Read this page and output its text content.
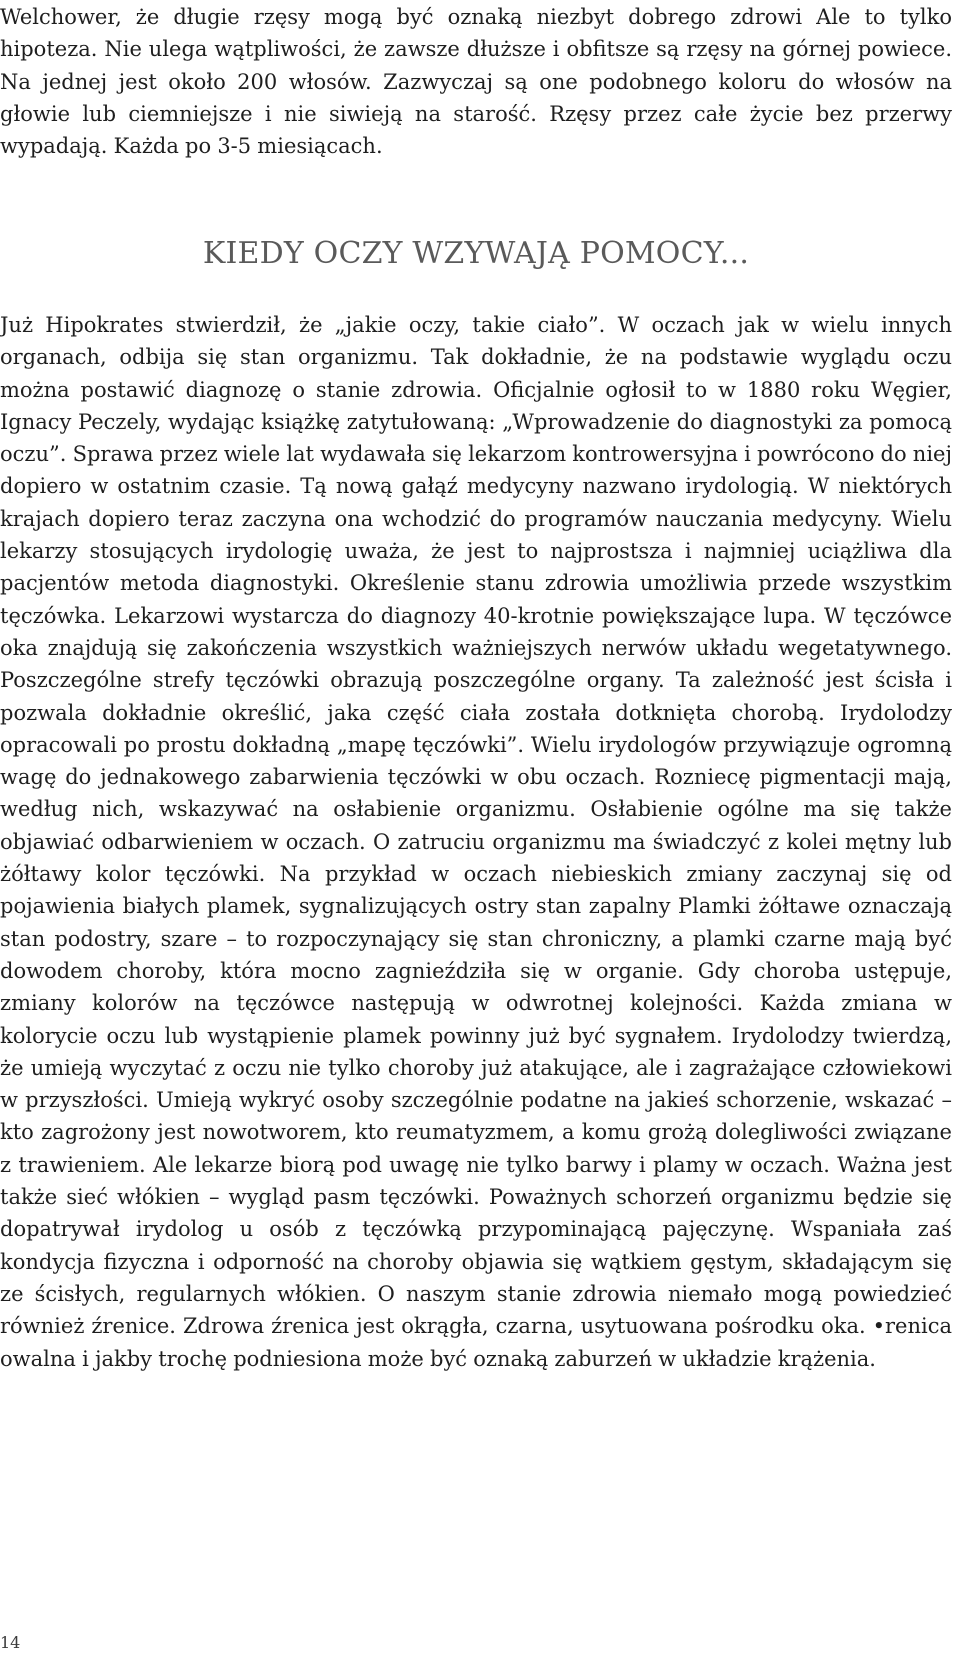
Welchower, że długie rzęsy mogą być oznaką niezbyt dobrego zdrowi Ale to tylko hipoteza. Nie ulega wątpliwości, że zawsze dłuższe i obfitsze są rzęsy na górnej powiece. Na jednej jest około 200 włosów. Zazwyczaj są one podobnego koloru do włosów na głowie lub ciemniejsze i nie siwieją na starość. Rzęsy przez całe życie bez przerwy wypadają. Każda po 3-5 miesiącach.

KIEDY OCZY WZYWAJĄ POMOCY...

Już Hipokrates stwierdził, że „jakie oczy, takie ciało”. W oczach jak w wielu innych organach, odbija się stan organizmu. Tak dokładnie, że na podstawie wyglądu oczu można postawić diagnozę o stanie zdrowia. Oficjalnie ogłosił to w 1880 roku Węgier, Ignacy Peczely, wydając książkę zatytułowaną: „Wprowadzenie do diagnostyki za pomocą oczu”. Sprawa przez wiele lat wydawała się lekarzom kontrowersyjna i powrócono do niej dopiero w ostatnim czasie. Tą nową gałąź medycyny nazwano irydologią. W niektórych krajach dopiero teraz zaczyna ona wchodzić do programów nauczania medycyny. Wielu lekarzy stosujących irydologię uważa, że jest to najprostsza i najmniej uciążliwa dla pacjentów metoda diagnostyki. Określenie stanu zdrowia umożliwia przede wszystkim tęczówka. Lekarzowi wystarcza do diagnozy 40-krotnie powiększające lupa. W tęczówce oka znajdują się zakończenia wszystkich ważniejszych nerwów układu wegetatywnego. Poszczególne strefy tęczówki obrazują poszczególne organy. Ta zależność jest ścisła i pozwala dokładnie określić, jaka część ciała została dotknięta chorobą. Irydolodzy opracowali po prostu dokładną „mapę tęczówki”. Wielu irydologów przywiązuje ogromną wagę do jednakowego zabarwienia tęczówki w obu oczach. Rozniecę pigmentacji mają, według nich, wskazywać na osłabienie organizmu. Osłabienie ogólne ma się także objawiać odbarwieniem w oczach. O zatruciu organizmu ma świadczyć z kolei mętny lub żółtawy kolor tęczówki. Na przykład w oczach niebieskich zmiany zaczynaj się od pojawienia białych plamek, sygnalizujących ostry stan zapalny Plamki żółtawe oznaczają stan podostry, szare – to rozpoczynający się stan chroniczny, a plamki czarne mają być dowodem choroby, która mocno zagnieździła się w organie. Gdy choroba ustępuje, zmiany kolorów na tęczówce następują w odwrotnej kolejności. Każda zmiana w kolorycie oczu lub wystąpienie plamek powinny już być sygnałem. Irydolodzy twierdzą, że umieją wyczytać z oczu nie tylko choroby już atakujące, ale i zagrażające człowiekowi w przyszłości. Umieją wykryć osoby szczególnie podatne na jakieś schorzenie, wskazać – kto zagrożony jest nowotworem, kto reumatyzmem, a komu grożą dolegliwości związane z trawieniem. Ale lekarze biorą pod uwagę nie tylko barwy i plamy w oczach. Ważna jest także sieć włókien – wygląd pasm tęczówki. Poważnych schorzeń organizmu będzie się dopatrywał irydolog u osób z tęczówką przypominającą pajęczynę. Wspaniała zaś kondycja fizyczna i odporność na choroby objawia się wątkiem gęstym, składającym się ze ścisłych, regularnych włókien. O naszym stanie zdrowia niemało mogą powiedzieć również źrenice. Zdrowa źrenica jest okrągła, czarna, usytuowana pośrodku oka. •renica owalna i jakby trochę podniesiona może być oznaką zaburzeń w układzie krążenia.

14
